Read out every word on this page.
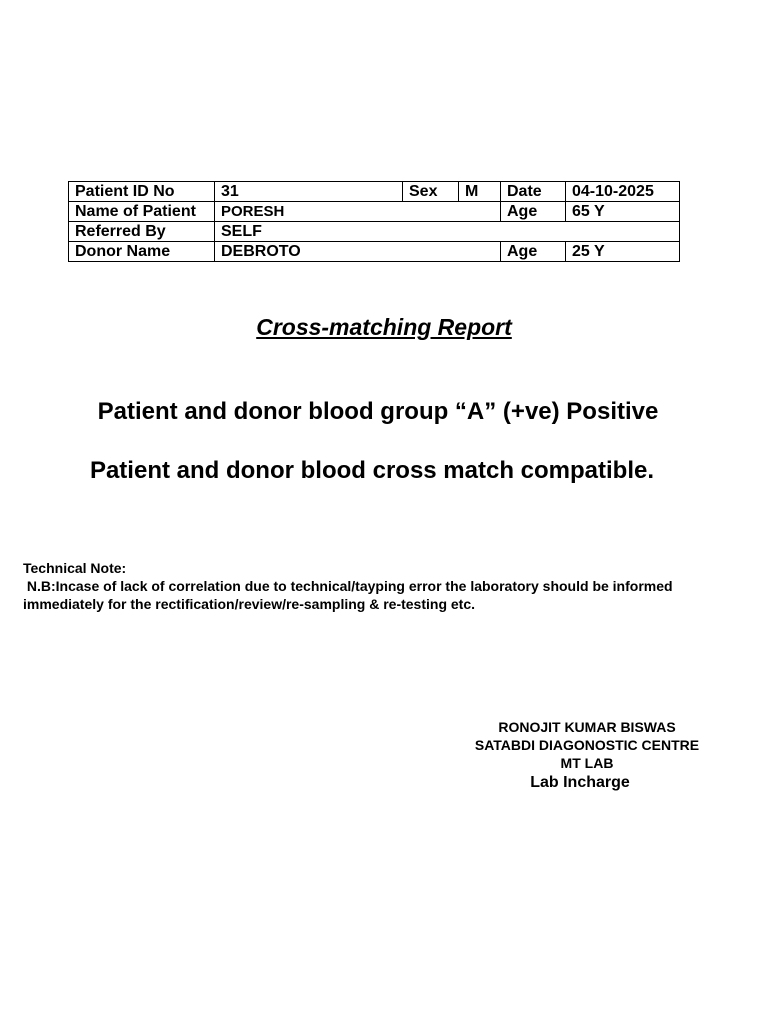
Patient ID No	31	Sex	M	Date	04-10-2025
Name of Patient	PORESH			Age	65 Y
Referred By	SELF				
Donor Name	DEBROTO			Age	25 Y
Cross-matching Report

Patient and donor blood group “A” (+ve) Positive

Patient and donor blood cross match compatible.

Technical Note:
N.B:Incase of lack of correlation due to technical/tayping error the laboratory should be informed immediately for the rectification/review/re-sampling & re-testing etc.
RONOJIT KUMAR BISWAS
SATABDI DIAGONOSTIC CENTRE
MT LAB
Lab Incharge
